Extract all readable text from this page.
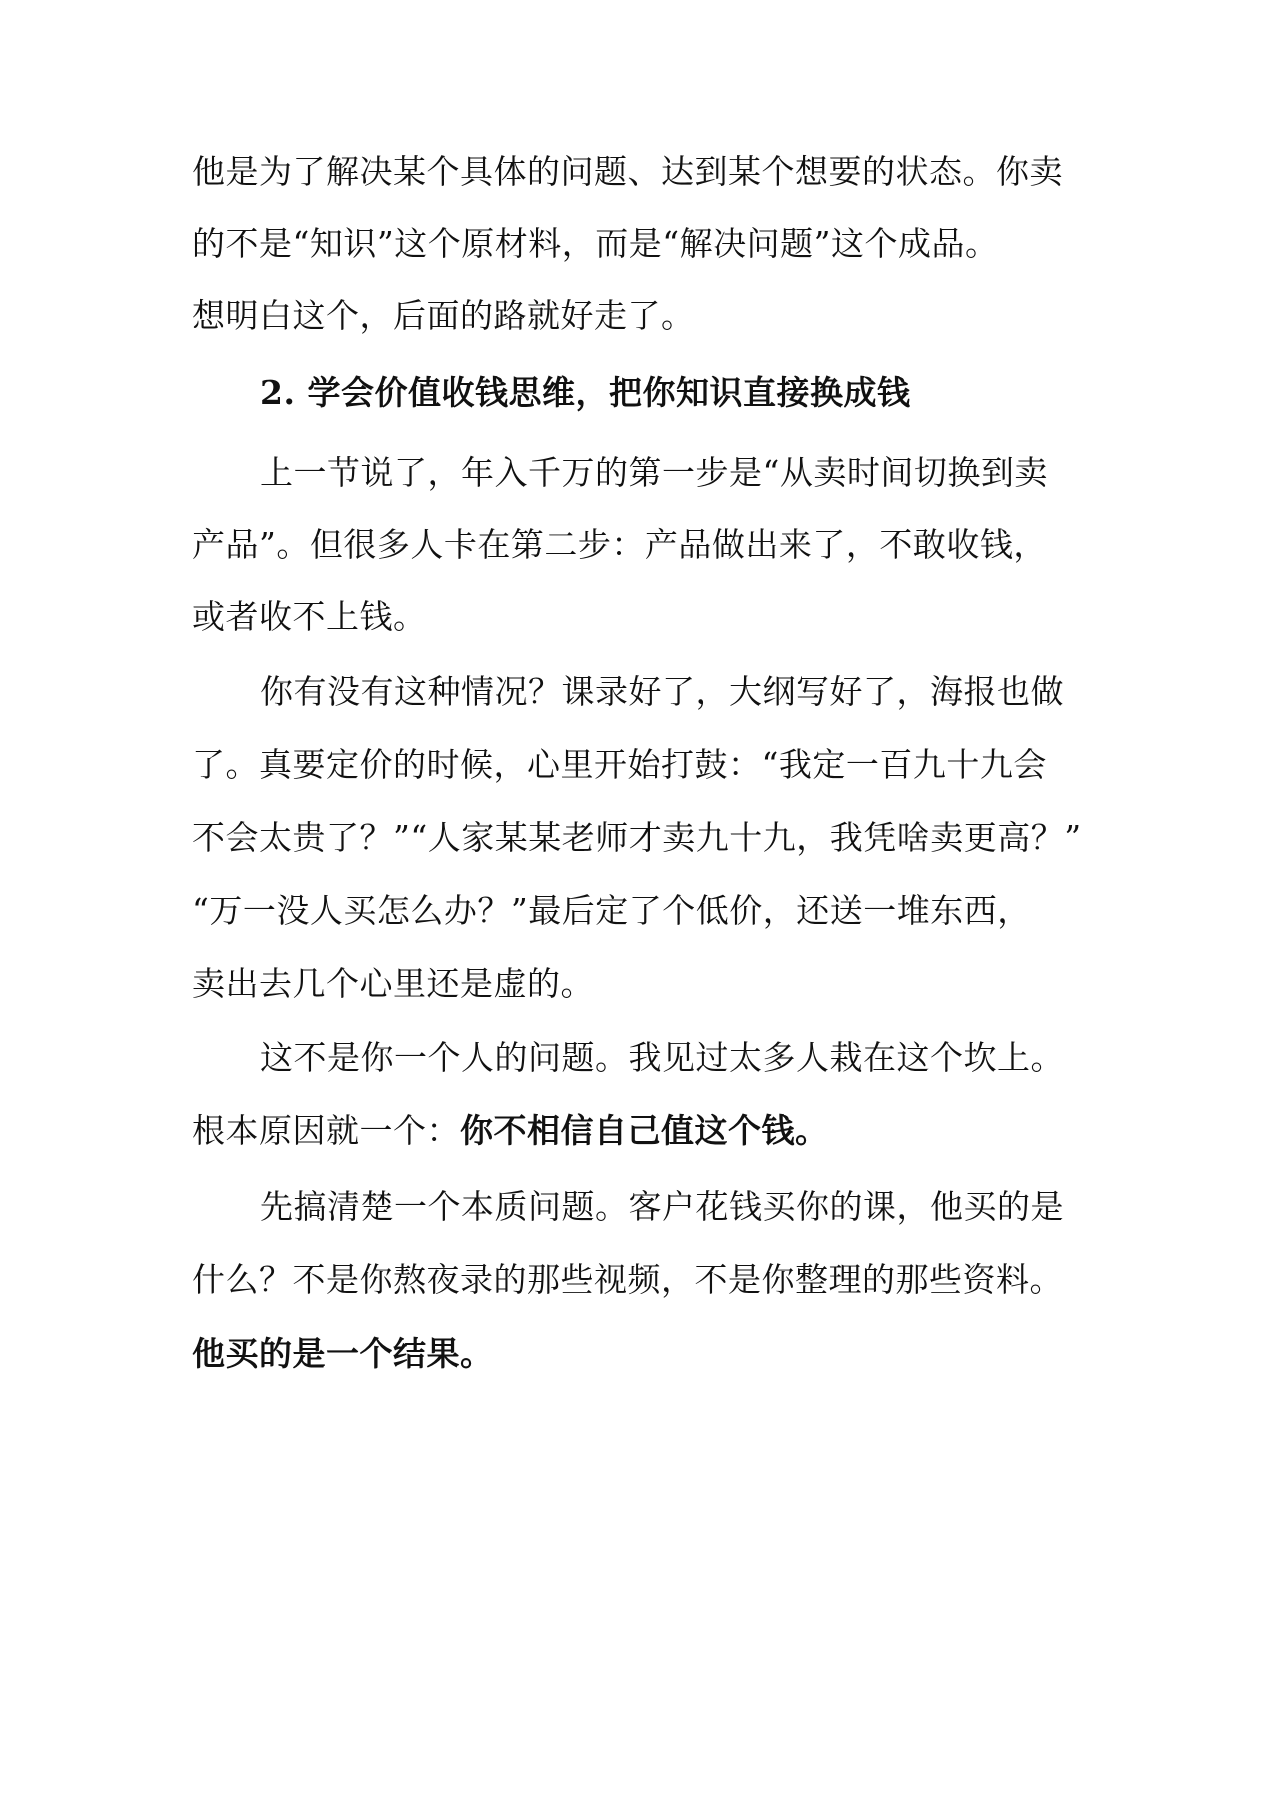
他是为了解决某个具体的问题、达到某个想要的状态。你卖
的不是“知识”这个原材料，而是“解决问题”这个成品。
想明白这个，后面的路就好走了。
2. 学会价值收钱思维，把你知识直接换成钱
上一节说了，年入千万的第一步是“从卖时间切换到卖
产品”。但很多人卡在第二步：产品做出来了，不敢收钱，
或者收不上钱。
你有没有这种情况？课录好了，大纲写好了，海报也做
了。真要定价的时候，心里开始打鼓：“我定一百九十九会
不会太贵了？”“人家某某老师才卖九十九，我凭啥卖更高？”
“万一没人买怎么办？”最后定了个低价，还送一堆东西，
卖出去几个心里还是虚的。
这不是你一个人的问题。我见过太多人栽在这个坎上。
根本原因就一个：你不相信自己值这个钱。
先搞清楚一个本质问题。客户花钱买你的课，他买的是
什么？不是你熬夜录的那些视频，不是你整理的那些资料。
他买的是一个结果。
